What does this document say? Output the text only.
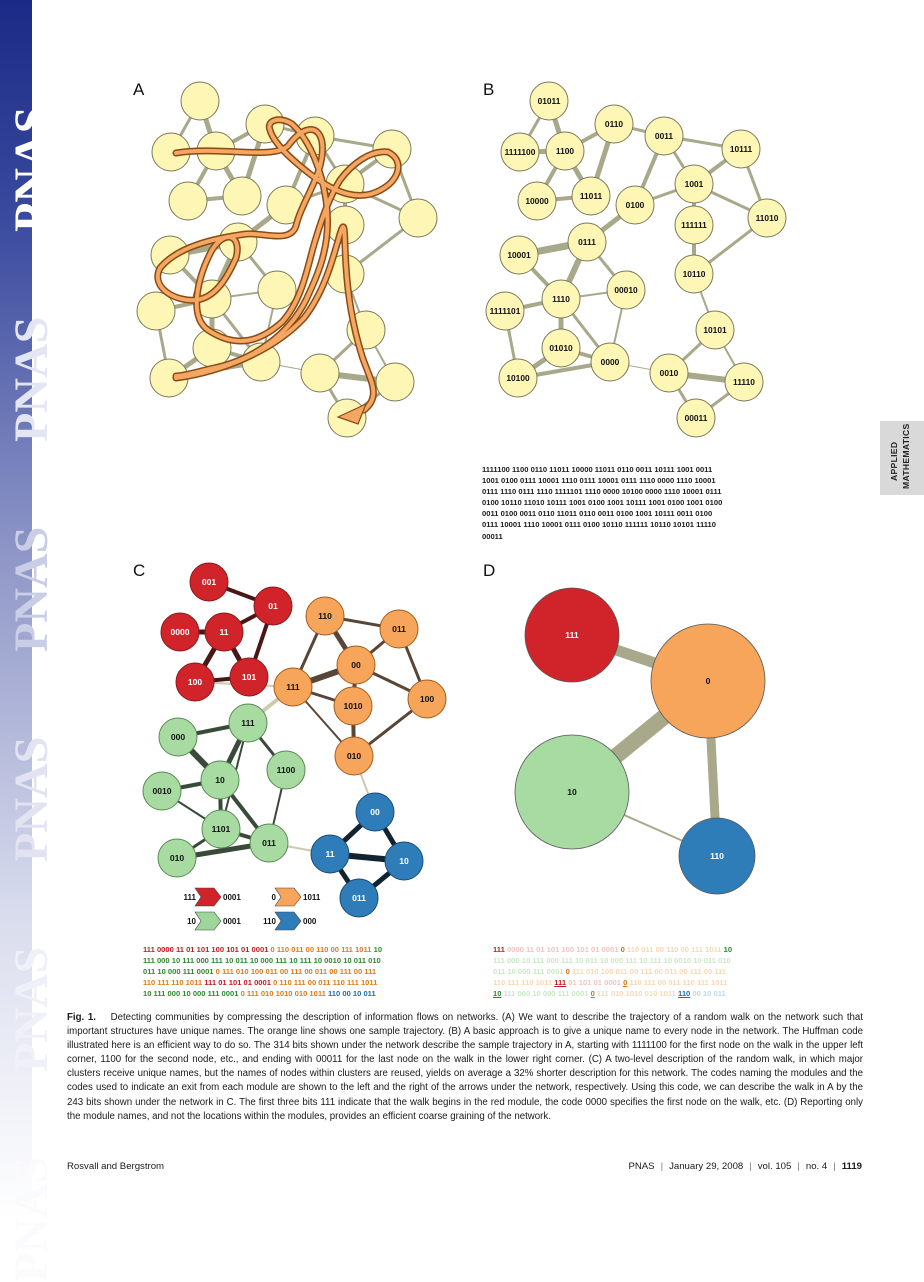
PNAS
PNAS
PNAS
PNAS
PNAS
PNAS
APPLIED MATHEMATICS
A	B
C	D
01011
0110
0011
1111100 1100	10111
1001
10000	11011
0100
111111
11010
10001
0111
10110
00010
1111101
1110
10101
01010
0000
0010
11110
10100
00011
001
01
0000	11
100	101
110
011
00
111
1010
100
010
000
111
1100
10
0010
1101
011
010
00
11
10
011
111	0001	0	1011
10	0001	110	000
111
0
10
110
1111100 1100 0110 11011 10000 11011 0110 0011 10111 1001 0011
1001 0100 0111 10001 1110 0111 10001 0111 1110 0000 1110 10001
0111 1110 0111 1110 1111101 1110 0000 10100 0000 1110 10001 0111
0100 10110 11010 10111 1001 0100 1001 10111 1001 0100 1001 0100
0011 0100 0011 0110 11011 0110 0011 0100 1001 10111 0011 0100
0111 10001 1110 10001 0111 0100 10110 111111 10110 10101 11110
00011
111 0000 11 01 101 100 101 01 0001 0 110 011 00 110 00 111 1011 10
111 000 10 111 000 111 10 011 10 000 111 10 111 10 0010 10 011 010
011 10 000 111 0001 0 111 010 100 011 00 111 00 011 00 111 00 111
110 111 110 1011 111 01 101 01 0001 0 110 111 00 011 110 111 1011
10 111 000 10 000 111 0001 0 111 010 1010 010 1011 110 00 10 011
111 0000 11 01 101 100 101 01 0001 0 110 011 00 110 00 111 1011 10
111 000 10 111 000 111 10 011 10 000 111 10 111 10 0010 10 011 010
011 10 000 111 0001 0 111 010 100 011 00 111 00 011 00 111 00 111
110 111 110 1011 111 01 101 01 0001 0 110 111 00 011 110 111 1011
10 111 000 10 000 111 0001 0 111 010 1010 010 1011 110 00 10 011
Fig. 1. Detecting communities by compressing the description of information flows on networks. (A) We want to describe the trajectory of a random walk on the network such that important structures have unique names. The orange line shows one sample trajectory. (B) A basic approach is to give a unique name to every node in the network. The Huffman code illustrated here is an efficient way to do so. The 314 bits shown under the network describe the sample trajectory in A, starting with 1111100 for the first node on the walk in the upper left corner, 1100 for the second node, etc., and ending with 00011 for the last node on the walk in the lower right corner. (C) A two-level description of the random walk, in which major clusters receive unique names, but the names of nodes within clusters are reused, yields on average a 32% shorter description for this network. The codes naming the modules and the codes used to indicate an exit from each module are shown to the left and the right of the arrows under the network, respectively. Using this code, we can describe the walk in A by the 243 bits shown under the network in C. The first three bits 111 indicate that the walk begins in the red module, the code 0000 specifies the first node on the walk, etc. (D) Reporting only the module names, and not the locations within the modules, provides an efficient coarse graining of the network.
Rosvall and Bergstrom	PNAS | January 29, 2008 | vol. 105 | no. 4 | 1119
